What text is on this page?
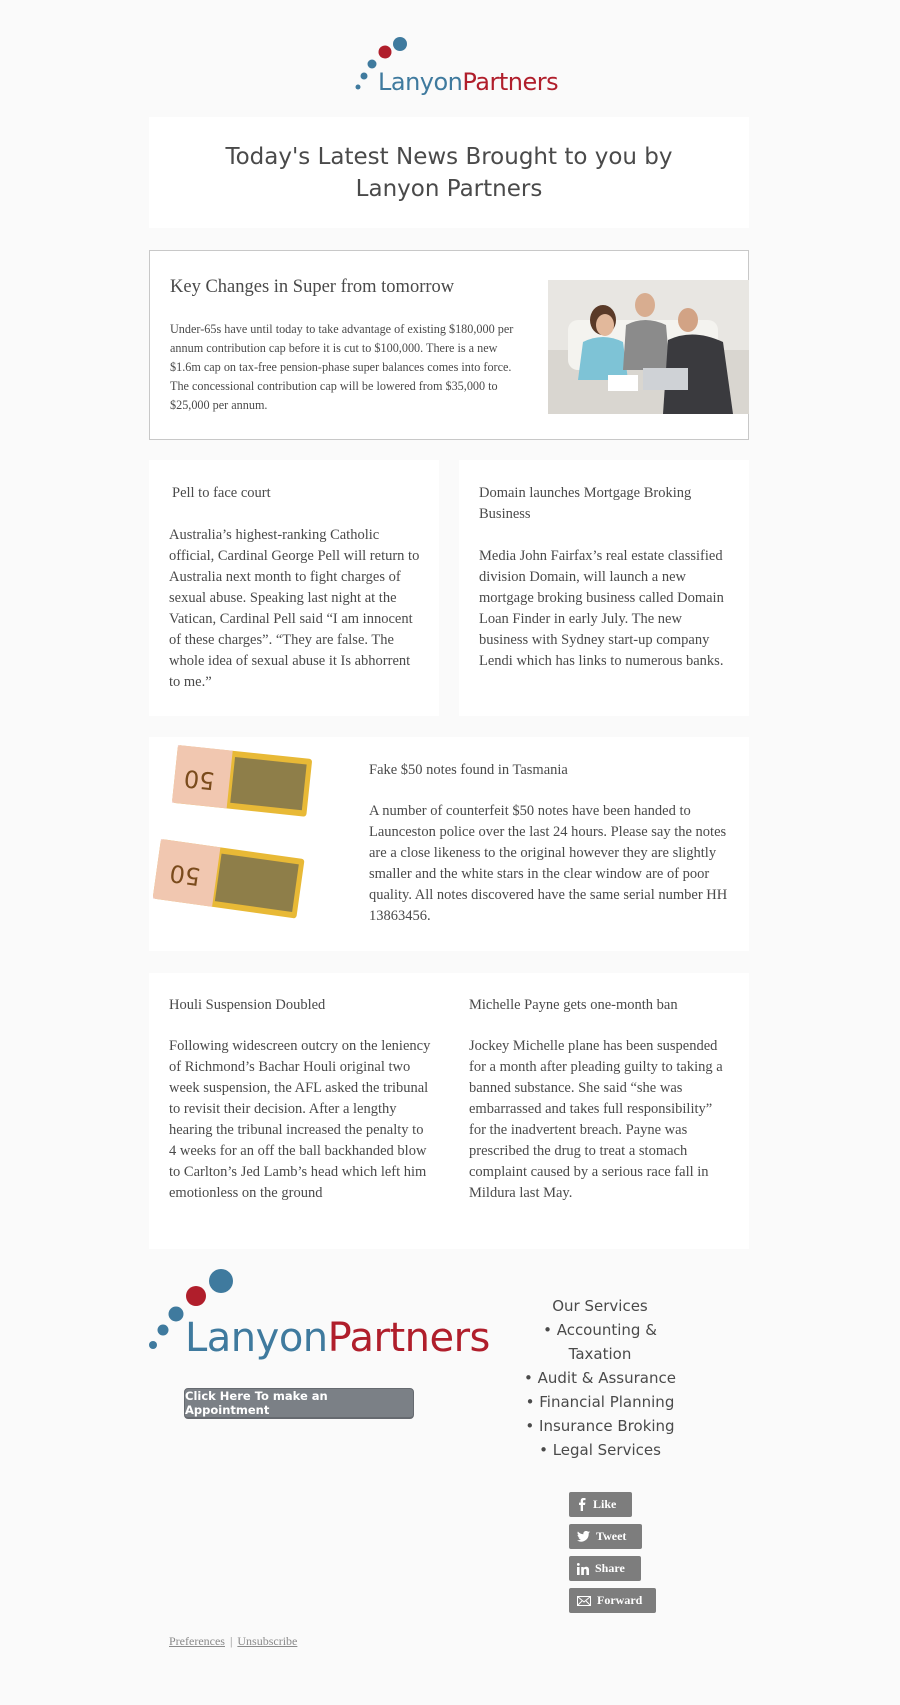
LanyonPartners
Today's Latest News Brought to you by Lanyon Partners
Key Changes in Super from tomorrow

Under-65s have until today to take advantage of existing $180,000 per annum contribution cap before it is cut to $100,000. There is a new $1.6m cap on tax-free pension-phase super balances comes into force. The concessional contribution cap will be lowered from $35,000 to $25,000 per annum.

Pell to face court
Australia’s highest-ranking Catholic official, Cardinal George Pell will return to Australia next month to fight charges of sexual abuse. Speaking last night at the Vatican, Cardinal Pell said “I am innocent of these charges”. “They are false. The whole idea of sexual abuse it Is abhorrent to me.”
Domain launches Mortgage Broking Business
Media John Fairfax’s real estate classified division Domain, will launch a new mortgage broking business called Domain Loan Finder in early July. The new business with Sydney start-up company Lendi which has links to numerous banks.
50
50
Fake $50 notes found in Tasmania
A number of counterfeit $50 notes have been handed to Launceston police over the last 24 hours. Please say the notes are a close likeness to the original however they are slightly smaller and the white stars in the clear window are of poor quality. All notes discovered have the same serial number HH 13863456.
Houli Suspension Doubled
Following widescreen outcry on the leniency of Richmond’s Bachar Houli original two week suspension, the AFL asked the tribunal to revisit their decision. After a lengthy hearing the tribunal increased the penalty to 4 weeks for an off the ball backhanded blow to Carlton’s Jed Lamb’s head which left him emotionless on the ground
Michelle Payne gets one-month ban
Jockey Michelle plane has been suspended for a month after pleading guilty to taking a banned substance. She said “she was embarrassed and takes full responsibility” for the inadvertent breach. Payne was prescribed the drug to treat a stomach complaint caused by a serious race fall in Mildura last May.
LanyonPartners
Click Here To make an Appointment
Our Services
• Accounting & Taxation
• Audit & Assurance
• Financial Planning
• Insurance Broking
• Legal Services
Like
Tweet
Share
Forward
Preferences | Unsubscribe
